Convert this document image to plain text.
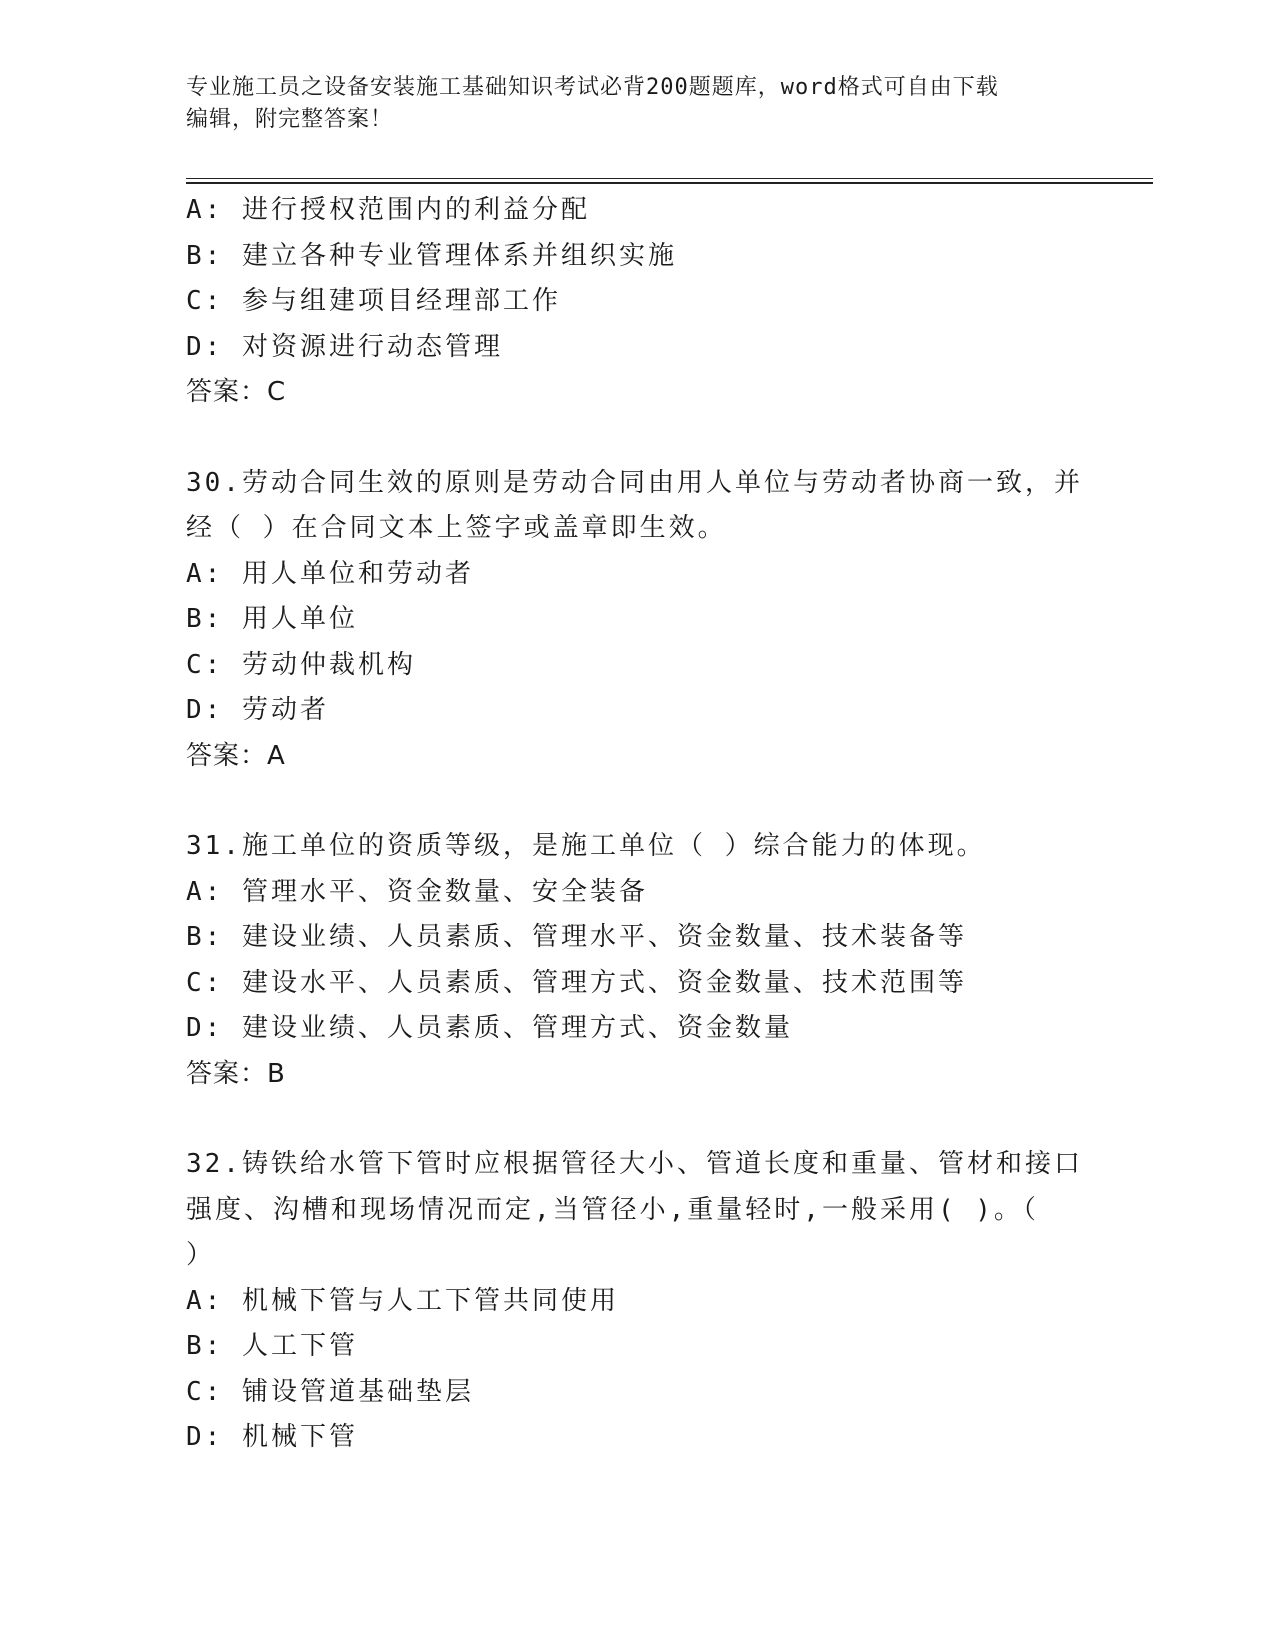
专业施工员之设备安装施工基础知识考试必背200题题库，word格式可自由下载
编辑，附完整答案！
A: 进行授权范围内的利益分配
B: 建立各种专业管理体系并组织实施
C: 参与组建项目经理部工作
D: 对资源进行动态管理
答案：C
30.劳动合同生效的原则是劳动合同由用人单位与劳动者协商一致，并
经（ ）在合同文本上签字或盖章即生效。
A: 用人单位和劳动者
B: 用人单位
C: 劳动仲裁机构
D: 劳动者
答案：A
31.施工单位的资质等级，是施工单位（ ）综合能力的体现。
A: 管理水平、资金数量、安全装备
B: 建设业绩、人员素质、管理水平、资金数量、技术装备等
C: 建设水平、人员素质、管理方式、资金数量、技术范围等
D: 建设业绩、人员素质、管理方式、资金数量
答案：B
32.铸铁给水管下管时应根据管径大小、管道长度和重量、管材和接口
强度、沟槽和现场情况而定,当管径小,重量轻时,一般采用( )。（
）
A: 机械下管与人工下管共同使用
B: 人工下管
C: 铺设管道基础垫层
D: 机械下管
